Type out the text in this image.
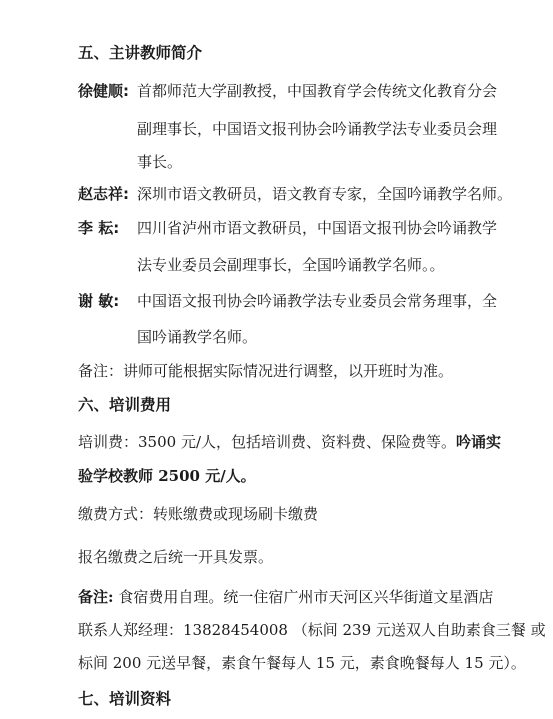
五、主讲教师简介
徐健顺: 首都师范大学副教授，中国教育学会传统文化教育分会
副理事长，中国语文报刊协会吟诵教学法专业委员会理
事长。
赵志祥: 深圳市语文教研员，语文教育专家，全国吟诵教学名师。
李 耘: 四川省泸州市语文教研员，中国语文报刊协会吟诵教学
法专业委员会副理事长，全国吟诵教学名师。。
谢 敏: 中国语文报刊协会吟诵教学法专业委员会常务理事，全
国吟诵教学名师。
备注：讲师可能根据实际情况进行调整，以开班时为准。
六、培训费用
培训费：3500 元/人，包括培训费、资料费、保险费等。吟诵实
验学校教师 2500 元/人。
缴费方式：转账缴费或现场刷卡缴费
报名缴费之后统一开具发票。
备注: 食宿费用自理。统一住宿广州市天河区兴华街道文星酒店
联系人郑经理：13828454008 （标间 239 元送双人自助素食三餐 或
标间 200 元送早餐，素食午餐每人 15 元，素食晚餐每人 15 元）。
七、培训资料
